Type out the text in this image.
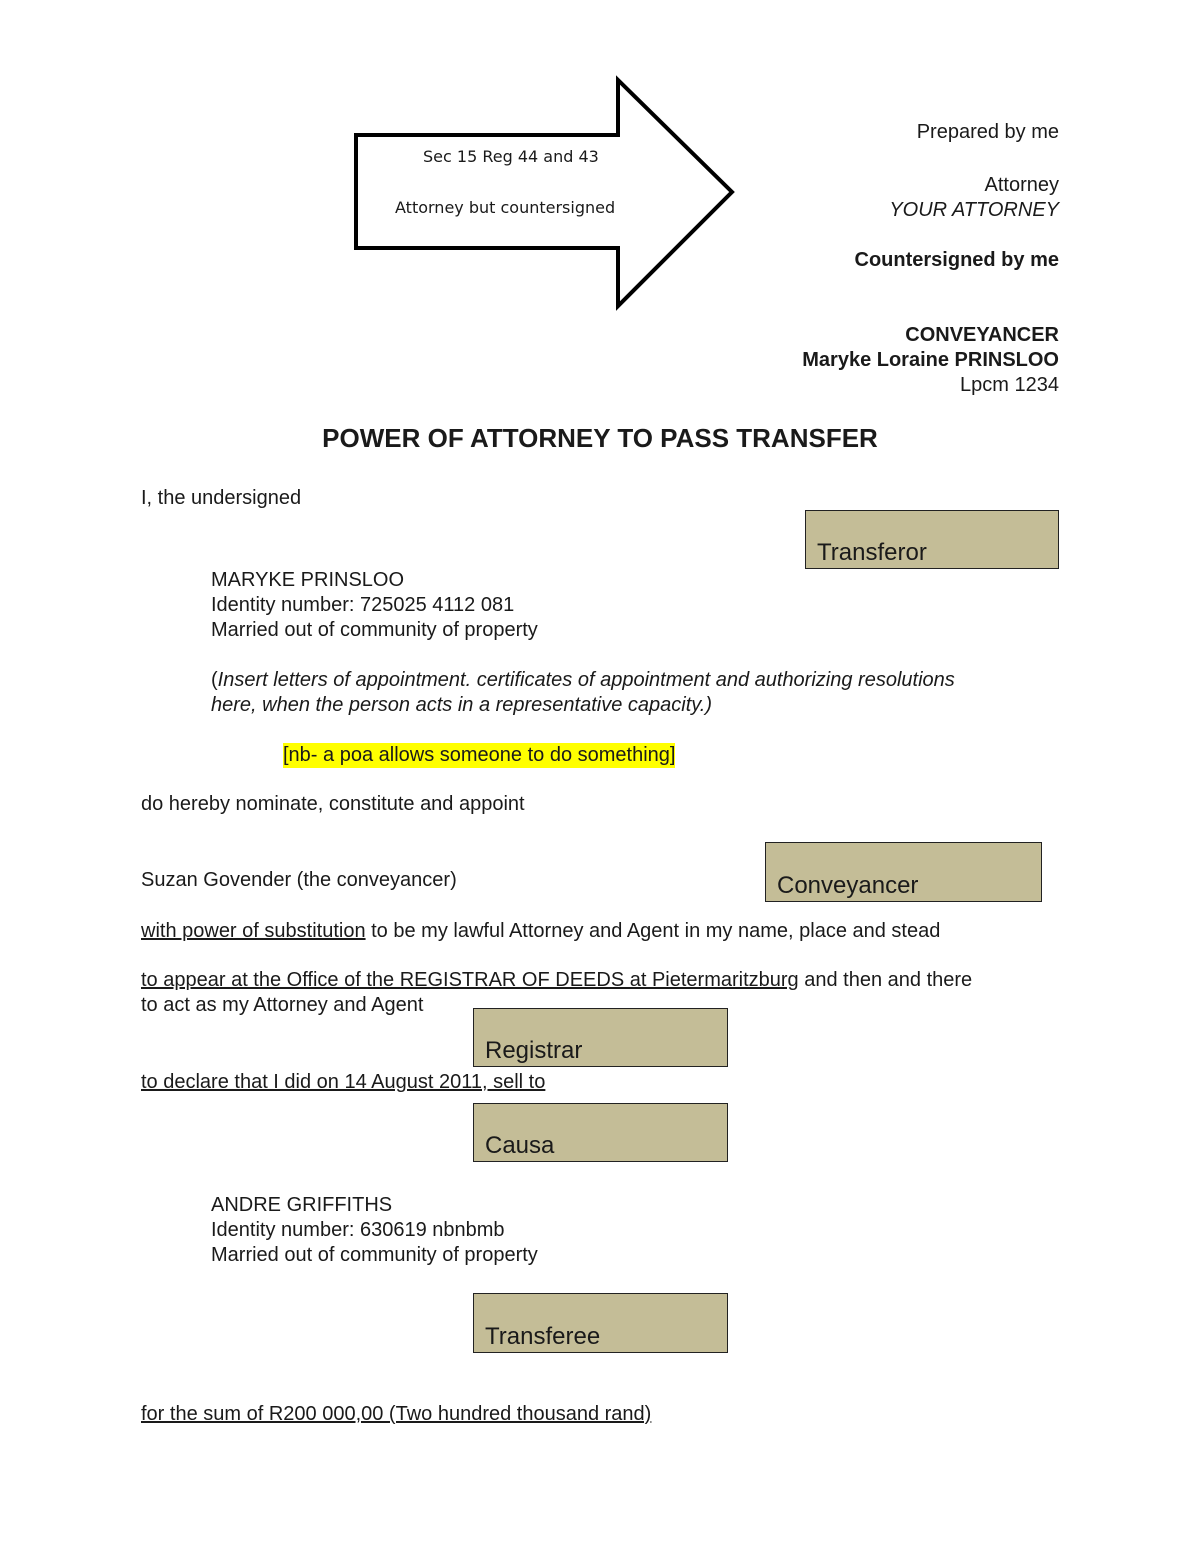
Sec 15 Reg 44 and 43
Attorney but countersigned
Prepared by me
Attorney
YOUR ATTORNEY
Countersigned by me
CONVEYANCER
Maryke Loraine PRINSLOO
Lpcm 1234
POWER OF ATTORNEY TO PASS TRANSFER
I, the undersigned
Transferor
MARYKE PRINSLOO
Identity number: 725025 4112 081
Married out of community of property
(Insert letters of appointment. certificates of appointment and authorizing resolutions
here, when the person acts in a representative capacity.)
[nb- a poa allows someone to do something]
do hereby nominate, constitute and appoint
Conveyancer
Suzan Govender (the conveyancer)
with power of substitution to be my lawful Attorney and Agent in my name, place and stead
to appear at the Office of the REGISTRAR OF DEEDS at Pietermaritzburg and then and there
to act as my Attorney and Agent
Registrar
to declare that I did on 14 August 2011, sell to
Causa
ANDRE GRIFFITHS
Identity number: 630619 nbnbmb
Married out of community of property
Transferee
for the sum of R200 000,00 (Two hundred thousand rand)
